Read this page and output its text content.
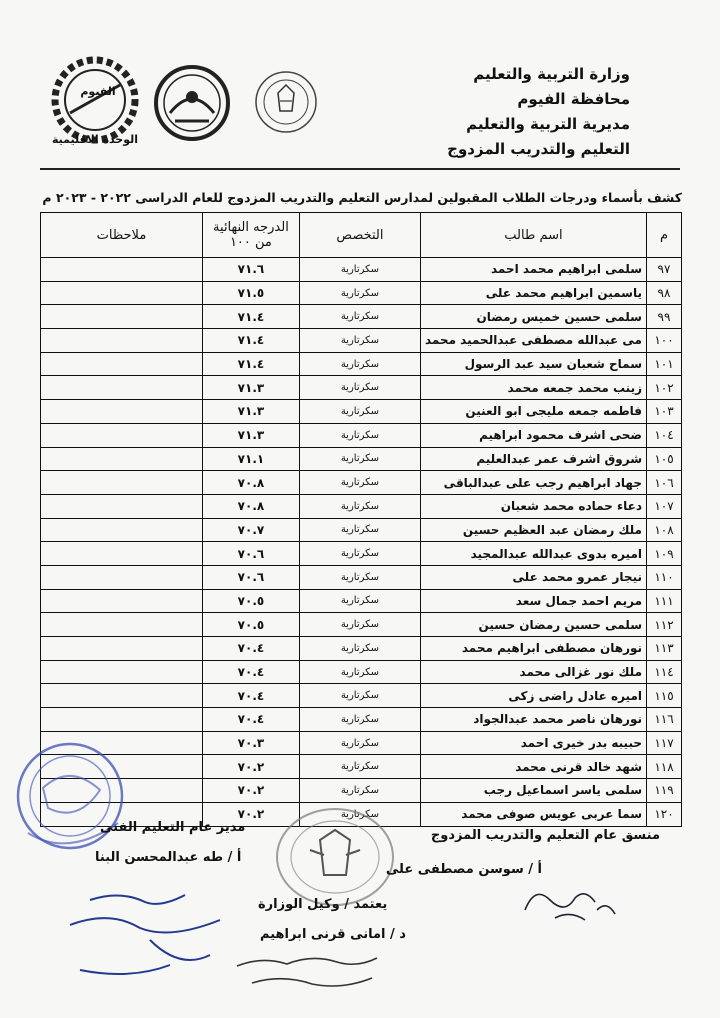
وزارة التربية والتعليم
محافظة الفيوم
مديرية التربية والتعليم
التعليم والتدريب المزدوج
الفيوم
الوحدة الاقليمية
كشف بأسماء ودرجات الطلاب المقبولين لمدارس التعليم والتدريب المزدوج للعام الدراسى ٢٠٢٢ - ٢٠٢٣ م
م	اسم طالب	التخصص	الدرجه النهائية
من ١٠٠	ملاحظات
٩٧	سلمى ابراهيم محمد احمد	سكرتارية	٧١.٦	
٩٨	ياسمين ابراهيم محمد على	سكرتارية	٧١.٥	
٩٩	سلمى حسين خميس رمضان	سكرتارية	٧١.٤	
١٠٠	مى عبدالله مصطفى عبدالحميد محمد	سكرتارية	٧١.٤	
١٠١	سماح شعبان سيد عبد الرسول	سكرتارية	٧١.٤	
١٠٢	زينب محمد جمعه محمد	سكرتارية	٧١.٣	
١٠٣	فاطمه جمعه مليجى ابو العنين	سكرتارية	٧١.٣	
١٠٤	ضحى اشرف محمود ابراهيم	سكرتارية	٧١.٣	
١٠٥	شروق اشرف عمر عبدالعليم	سكرتارية	٧١.١	
١٠٦	جهاد ابراهيم رجب على عبدالباقى	سكرتارية	٧٠.٨	
١٠٧	دعاء حماده محمد شعبان	سكرتارية	٧٠.٨	
١٠٨	ملك رمضان عبد العظيم حسين	سكرتارية	٧٠.٧	
١٠٩	اميره بدوى عبدالله عبدالمجيد	سكرتارية	٧٠.٦	
١١٠	نيجار عمرو محمد على	سكرتارية	٧٠.٦	
١١١	مريم احمد جمال سعد	سكرتارية	٧٠.٥	
١١٢	سلمى حسين رمضان حسين	سكرتارية	٧٠.٥	
١١٣	نورهان مصطفى ابراهيم محمد	سكرتارية	٧٠.٤	
١١٤	ملك نور غزالى محمد	سكرتارية	٧٠.٤	
١١٥	اميره عادل راضى زكى	سكرتارية	٧٠.٤	
١١٦	نورهان ناصر محمد عبدالجواد	سكرتارية	٧٠.٤	
١١٧	حبيبه بدر خيرى احمد	سكرتارية	٧٠.٣	
١١٨	شهد خالد قرنى محمد	سكرتارية	٧٠.٢	
١١٩	سلمى ياسر اسماعيل رجب	سكرتارية	٧٠.٢	
١٢٠	سما عربى عويس صوفى محمد	سكرتارية	٧٠.٢	
منسق عام التعليم والتدريب المزدوج
أ / سوسن مصطفى على
مدير عام التعليم الفنى
أ / طه عبدالمحسن البنا
يعتمد / وكيل الوزارة
د / امانى قرنى ابراهيم
